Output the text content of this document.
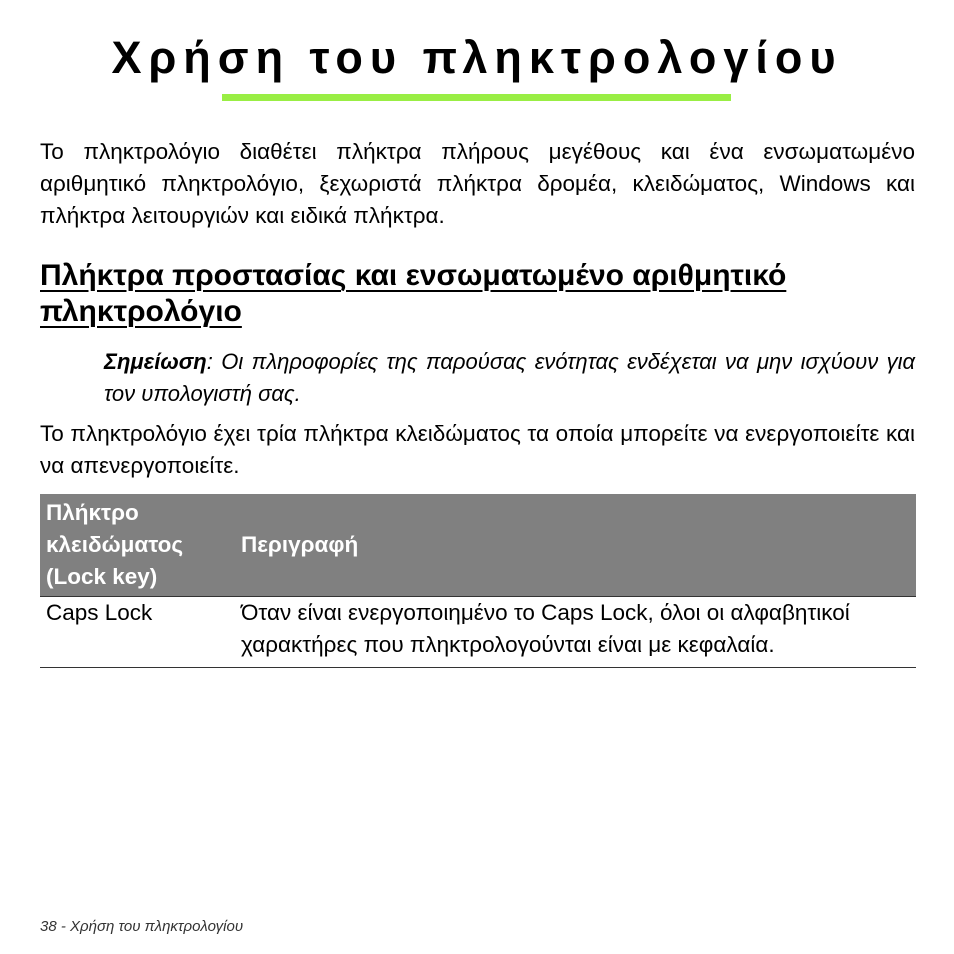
Χρήση του πληκτρολογίου

Το πληκτρολόγιο διαθέτει πλήκτρα πλήρους μεγέθους και ένα ενσωματωμένο αριθμητικό πληκτρολόγιο, ξεχωριστά πλήκτρα δρομέα, κλειδώματος, Windows και πλήκτρα λειτουργιών και ειδικά πλήκτρα.

Πλήκτρα προστασίας και ενσωματωμένο αριθμητικό πληκτρολόγιο

Σημείωση: Οι πληροφορίες της παρούσας ενότητας ενδέχεται να μην ισχύουν για τον υπολογιστή σας.

Το πληκτρολόγιο έχει τρία πλήκτρα κλειδώματος τα οποία μπορείτε να ενεργοποιείτε και να απενεργοποιείτε.

Πλήκτρο
κλειδώματος
(Lock key)	Περιγραφή
Caps Lock	Όταν είναι ενεργοποιημένο το Caps Lock, όλοι οι αλφαβητικοί χαρακτήρες που πληκτρολογούνται είναι με κεφαλαία.

38 - Χρήση του πληκτρολογίου
